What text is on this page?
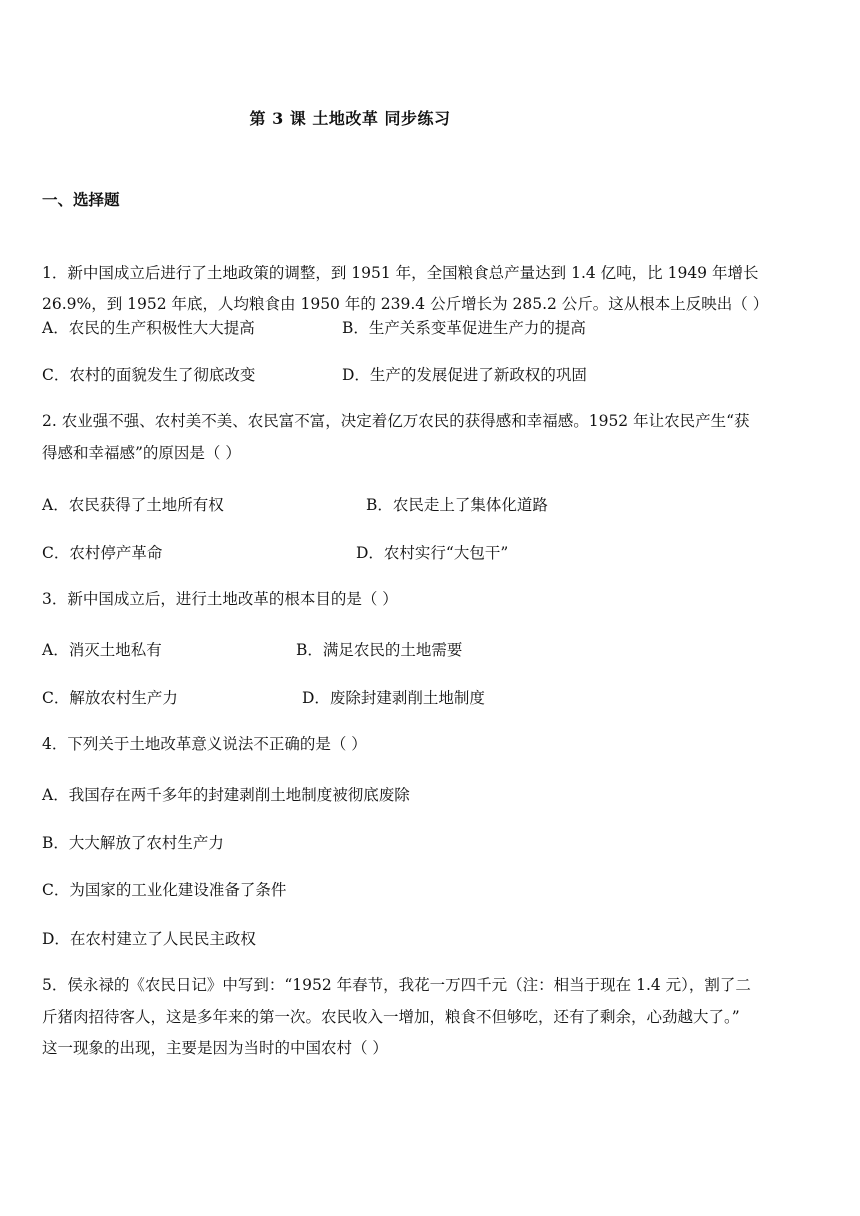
第 3 课 土地改革 同步练习
一、选择题
1．新中国成立后进行了土地政策的调整，到 1951 年，全国粮食总产量达到 1.4 亿吨，比 1949 年增长
26.9%，到 1952 年底，人均粮食由 1950 年的 239.4 公斤增长为 285.2 公斤。这从根本上反映出（ ）
A．农民的生产积极性大大提高	B．生产关系变革促进生产力的提高
C．农村的面貌发生了彻底改变	D．生产的发展促进了新政权的巩固
2. 农业强不强、农村美不美、农民富不富，决定着亿万农民的获得感和幸福感。1952 年让农民产生“获
得感和幸福感”的原因是（ ）
A．农民获得了土地所有权	B．农民走上了集体化道路
C．农村停产革命	D．农村实行“大包干”
3．新中国成立后，进行土地改革的根本目的是（ ）
A．消灭土地私有	B．满足农民的土地需要
C．解放农村生产力	D．废除封建剥削土地制度
4．下列关于土地改革意义说法不正确的是（ ）
A．我国存在两千多年的封建剥削土地制度被彻底废除
B．大大解放了农村生产力
C．为国家的工业化建设准备了条件
D．在农村建立了人民民主政权
5．侯永禄的《农民日记》中写到：“1952 年春节，我花一万四千元（注：相当于现在 1.4 元），割了二
斤猪肉招待客人，这是多年来的第一次。农民收入一增加，粮食不但够吃，还有了剩余，心劲越大了。”
这一现象的出现，主要是因为当时的中国农村（ ）
